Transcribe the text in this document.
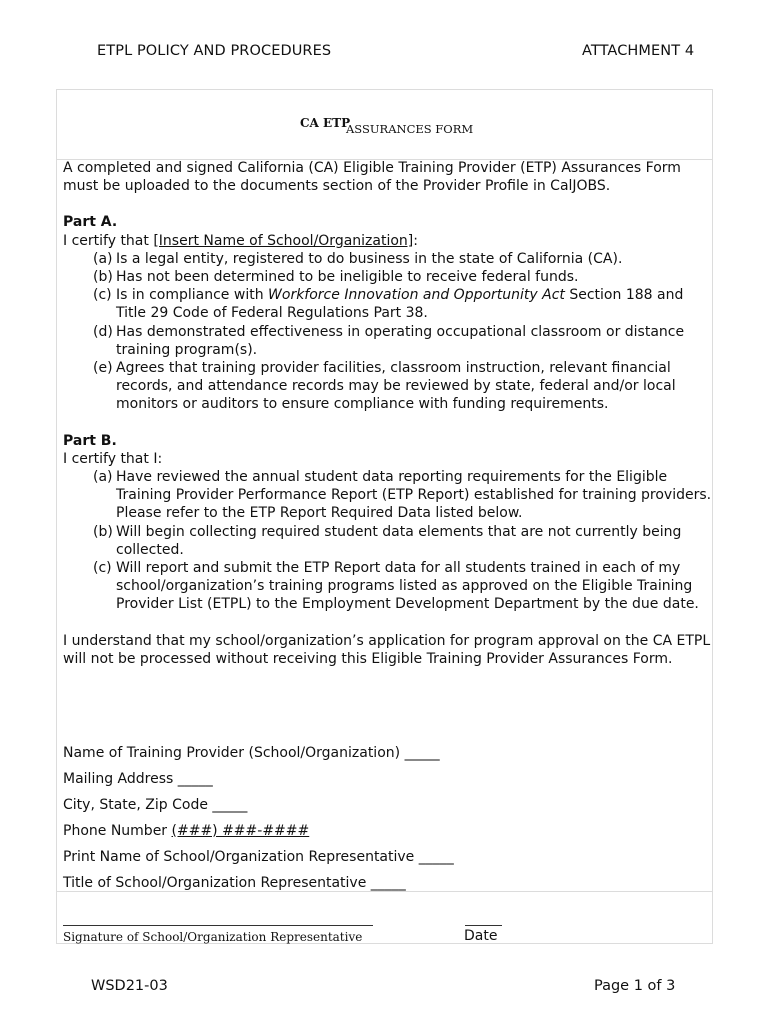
ETPL POLICY AND PROCEDURES	ATTACHMENT 4
CA ETP
ASSURANCES FORM

A completed and signed California (CA) Eligible Training Provider (ETP) Assurances Form must be uploaded to the documents section of the Provider Profile in CalJOBS.

Part A.

I certify that [Insert Name of School/Organization]:

(a) Is a legal entity, registered to do business in the state of California (CA).
(b) Has not been determined to be ineligible to receive federal funds.
(c) Is in compliance with Workforce Innovation and Opportunity Act Section 188 and Title 29 Code of Federal Regulations Part 38.
(d) Has demonstrated effectiveness in operating occupational classroom or distance training program(s).
(e) Agrees that training provider facilities, classroom instruction, relevant financial records, and attendance records may be reviewed by state, federal and/or local monitors or auditors to ensure compliance with funding requirements.

Part B.

I certify that I:

(a) Have reviewed the annual student data reporting requirements for the Eligible Training Provider Performance Report (ETP Report) established for training providers. Please refer to the ETP Report Required Data listed below.
(b) Will begin collecting required student data elements that are not currently being collected.
(c) Will report and submit the ETP Report data for all students trained in each of my school/organization’s training programs listed as approved on the Eligible Training Provider List (ETPL) to the Employment Development Department by the due date.

I understand that my school/organization’s application for program approval on the CA ETPL will not be processed without receiving this Eligible Training Provider Assurances Form.

Name of Training Provider (School/Organization) _____
Mailing Address _____
City, State, Zip Code _____
Phone Number (###) ###-####
Print Name of School/Organization Representative _____
Title of School/Organization Representative _____
Signature of School/Organization Representative	Date
WSD21-03	Page 1 of 3
